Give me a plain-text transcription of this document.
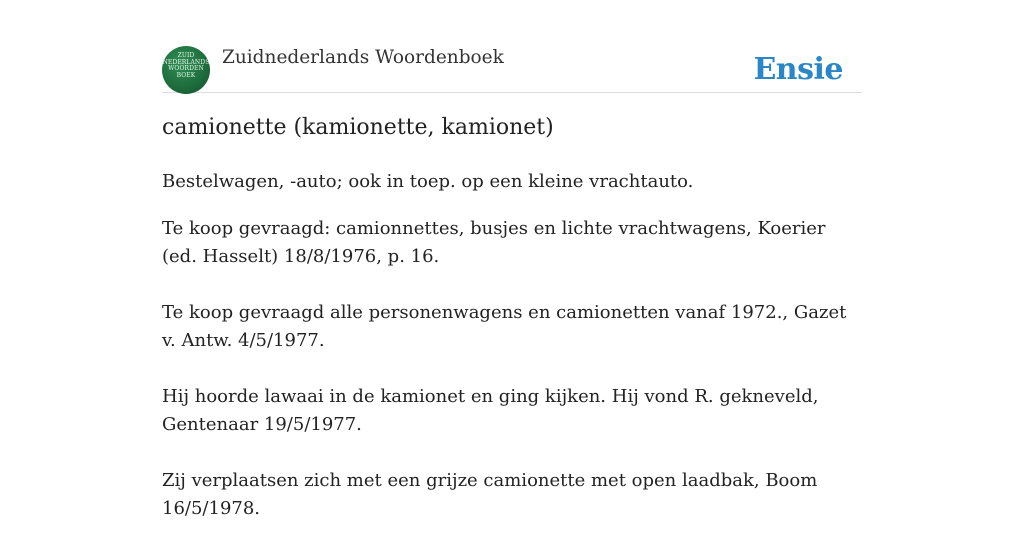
ZUID
NEDERLANDS
WOORDEN
BOEK
Zuidnederlands Woordenboek	Ensie
camionette (kamionette, kamionet)

Bestelwagen, -auto; ook in toep. op een kleine vrachtauto.

Te koop gevraagd: camionnettes, busjes en lichte vrachtwagens, Koerier (ed. Hasselt) 18/8/1976, p. 16.

Te koop gevraagd alle personenwagens en camionetten vanaf 1972., Gazet v. Antw. 4/5/1977.

Hij hoorde lawaai in de kamionet en ging kijken. Hij vond R. gekneveld, Gentenaar 19/5/1977.

Zij verplaatsen zich met een grijze camionette met open laadbak, Boom 16/5/1978.
